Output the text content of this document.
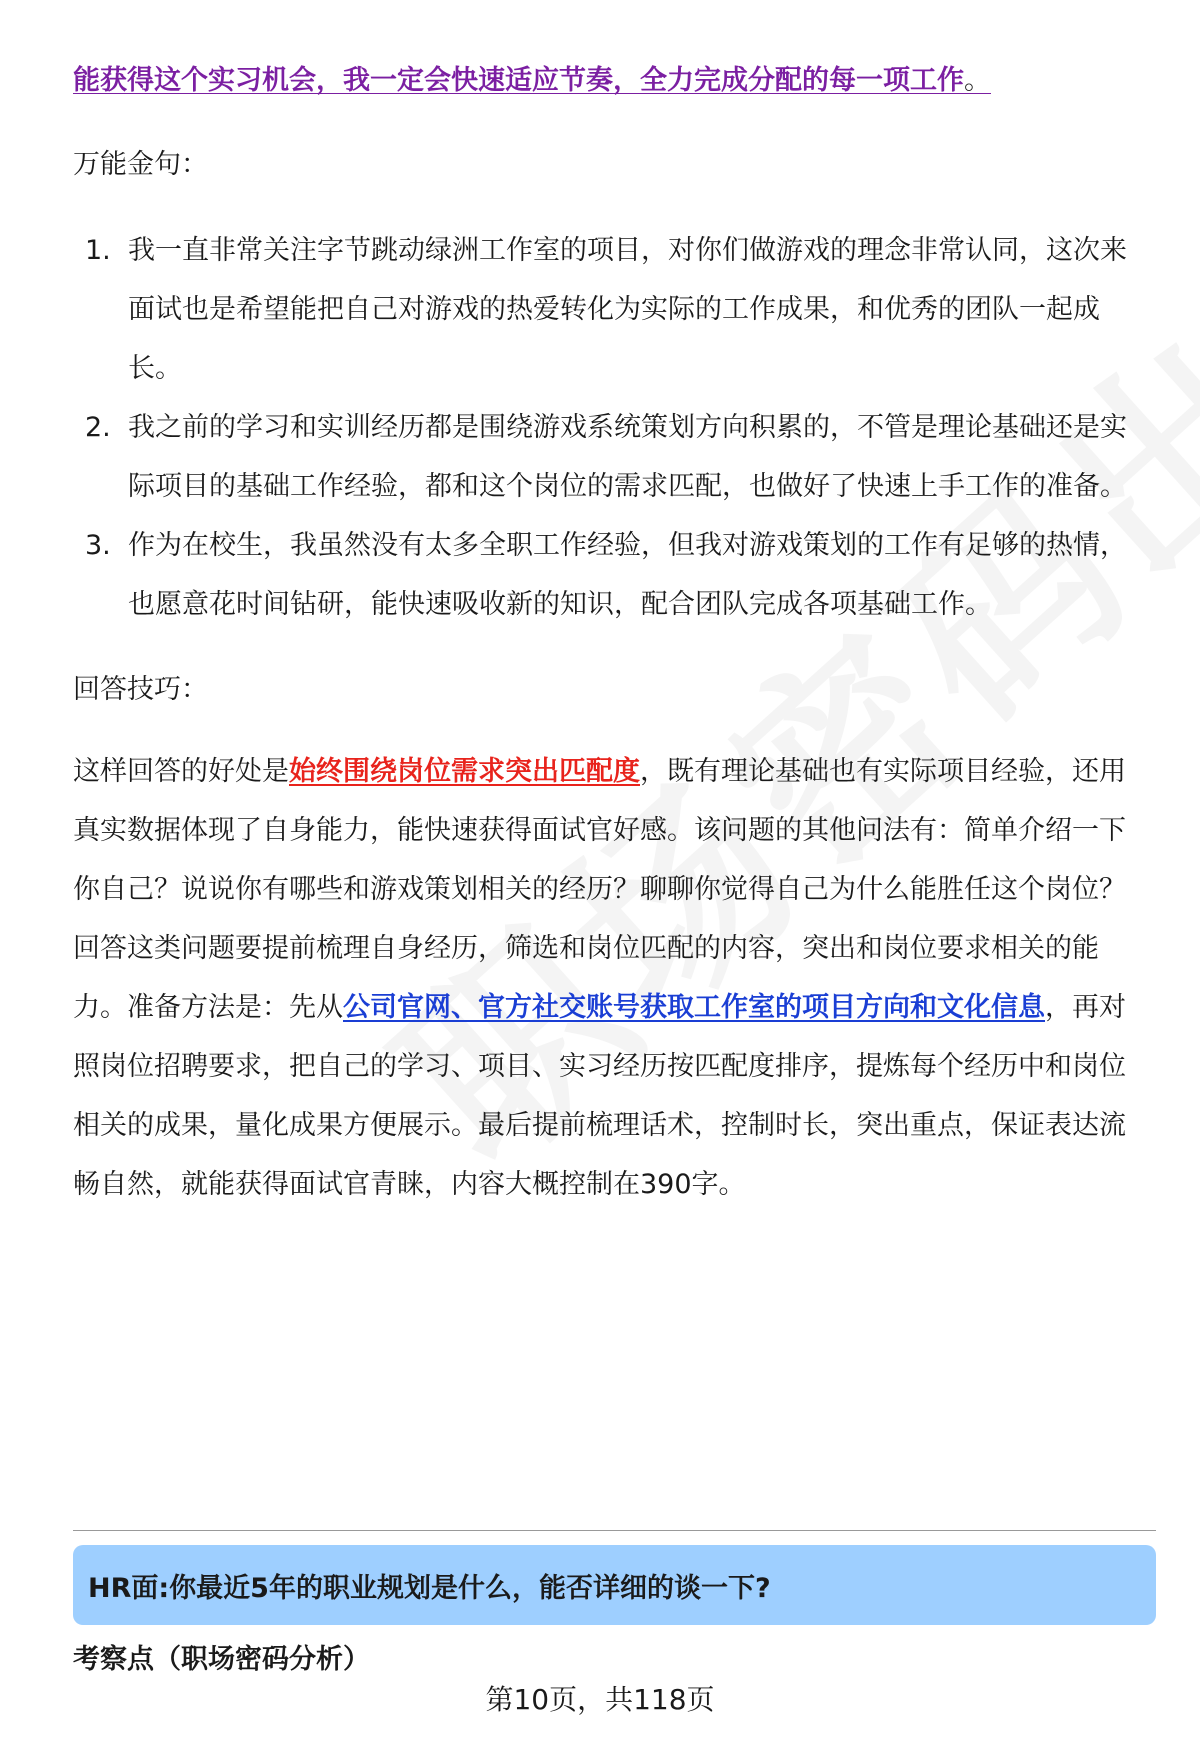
能获得这个实习机会，我一定会快速适应节奏，全力完成分配的每一项工作。

万能金句：

1. 我一直非常关注字节跳动绿洲工作室的项目，对你们做游戏的理念非常认同，这次来面试也是希望能把自己对游戏的热爱转化为实际的工作成果，和优秀的团队一起成长。
2. 我之前的学习和实训经历都是围绕游戏系统策划方向积累的，不管是理论基础还是实际项目的基础工作经验，都和这个岗位的需求匹配，也做好了快速上手工作的准备。
3. 作为在校生，我虽然没有太多全职工作经验，但我对游戏策划的工作有足够的热情，也愿意花时间钻研，能快速吸收新的知识，配合团队完成各项基础工作。

回答技巧：

这样回答的好处是始终围绕岗位需求突出匹配度，既有理论基础也有实际项目经验，还用真实数据体现了自身能力，能快速获得面试官好感。该问题的其他问法有：简单介绍一下你自己？说说你有哪些和游戏策划相关的经历？聊聊你觉得自己为什么能胜任这个岗位？

回答这类问题要提前梳理自身经历，筛选和岗位匹配的内容，突出和岗位要求相关的能力。准备方法是：先从公司官网、官方社交账号获取工作室的项目方向和文化信息，再对照岗位招聘要求，把自己的学习、项目、实习经历按匹配度排序，提炼每个经历中和岗位相关的成果，量化成果方便展示。最后提前梳理话术，控制时长，突出重点，保证表达流畅自然，就能获得面试官青睐，内容大概控制在390字。

HR面:你最近5年的职业规划是什么，能否详细的谈一下?
考察点（职场密码分析）
第10页，共118页
